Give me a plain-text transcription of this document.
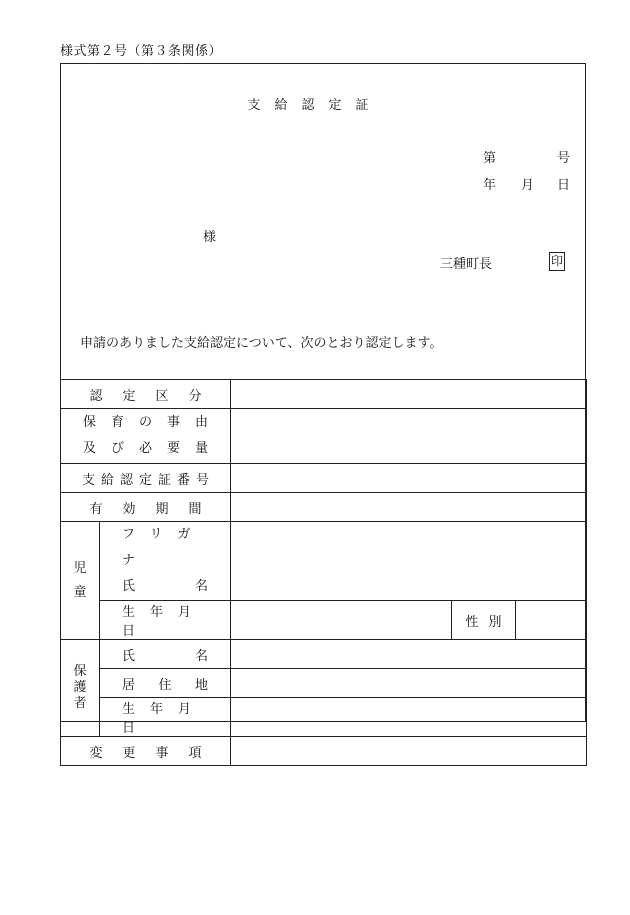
様式第２号（第３条関係）
支給認定証
第	号
年 月 日
様
三種町長	印
申請のありました支給認定について、次のとおり認定します。
認定区分				

保育の事由
及び必要量				

支給認定証番号				
有効期間				

児童	フリガナ
氏 名			

	生年月日		性別	

保護者	氏 名			

	居 住 地			

	生年月日			
変更事項				
